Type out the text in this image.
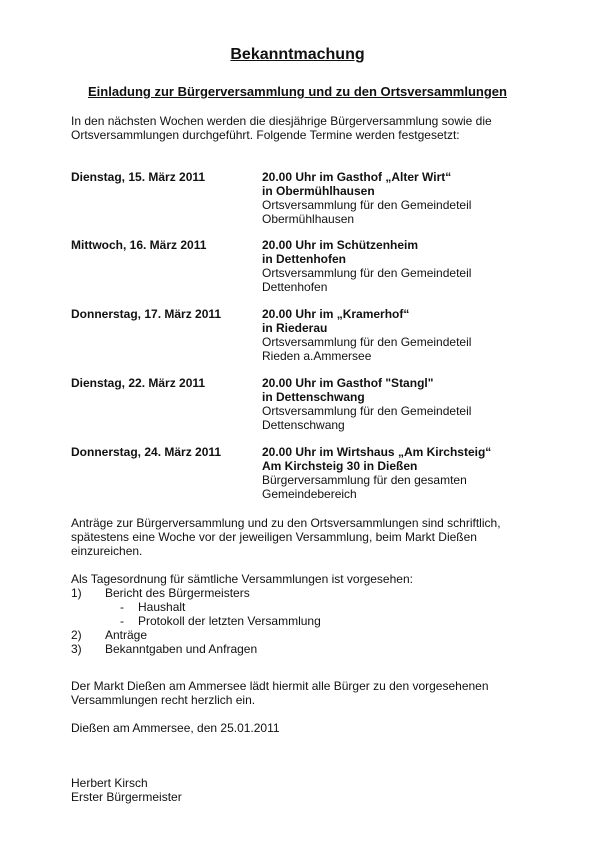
Bekanntmachung
Einladung zur Bürgerversammlung und zu den Ortsversammlungen
In den nächsten Wochen werden die diesjährige Bürgerversammlung sowie die
Ortsversammlungen durchgeführt. Folgende Termine werden festgesetzt:
Dienstag, 15. März 2011	20.00 Uhr im Gasthof „Alter Wirt“
in Obermühlhausen
Ortsversammlung für den Gemeindeteil
Obermühlhausen
Mittwoch, 16. März 2011	20.00 Uhr im Schützenheim
in Dettenhofen
Ortsversammlung für den Gemeindeteil
Dettenhofen
Donnerstag, 17. März 2011	20.00 Uhr im „Kramerhof“
in Riederau
Ortsversammlung für den Gemeindeteil
Rieden a.Ammersee
Dienstag, 22. März 2011	20.00 Uhr im Gasthof "Stangl"
in Dettenschwang
Ortsversammlung für den Gemeindeteil
Dettenschwang
Donnerstag, 24. März 2011	20.00 Uhr im Wirtshaus „Am Kirchsteig“
Am Kirchsteig 30 in Dießen
Bürgerversammlung für den gesamten
Gemeindebereich
Anträge zur Bürgerversammlung und zu den Ortsversammlungen sind schriftlich,
spätestens eine Woche vor der jeweiligen Versammlung, beim Markt Dießen
einzureichen.
Als Tagesordnung für sämtliche Versammlungen ist vorgesehen:
1) Bericht des Bürgermeisters
- Haushalt
- Protokoll der letzten Versammlung
2) Anträge
3) Bekanntgaben und Anfragen
Der Markt Dießen am Ammersee lädt hiermit alle Bürger zu den vorgesehenen
Versammlungen recht herzlich ein.
Dießen am Ammersee, den 25.01.2011
Herbert Kirsch
Erster Bürgermeister
